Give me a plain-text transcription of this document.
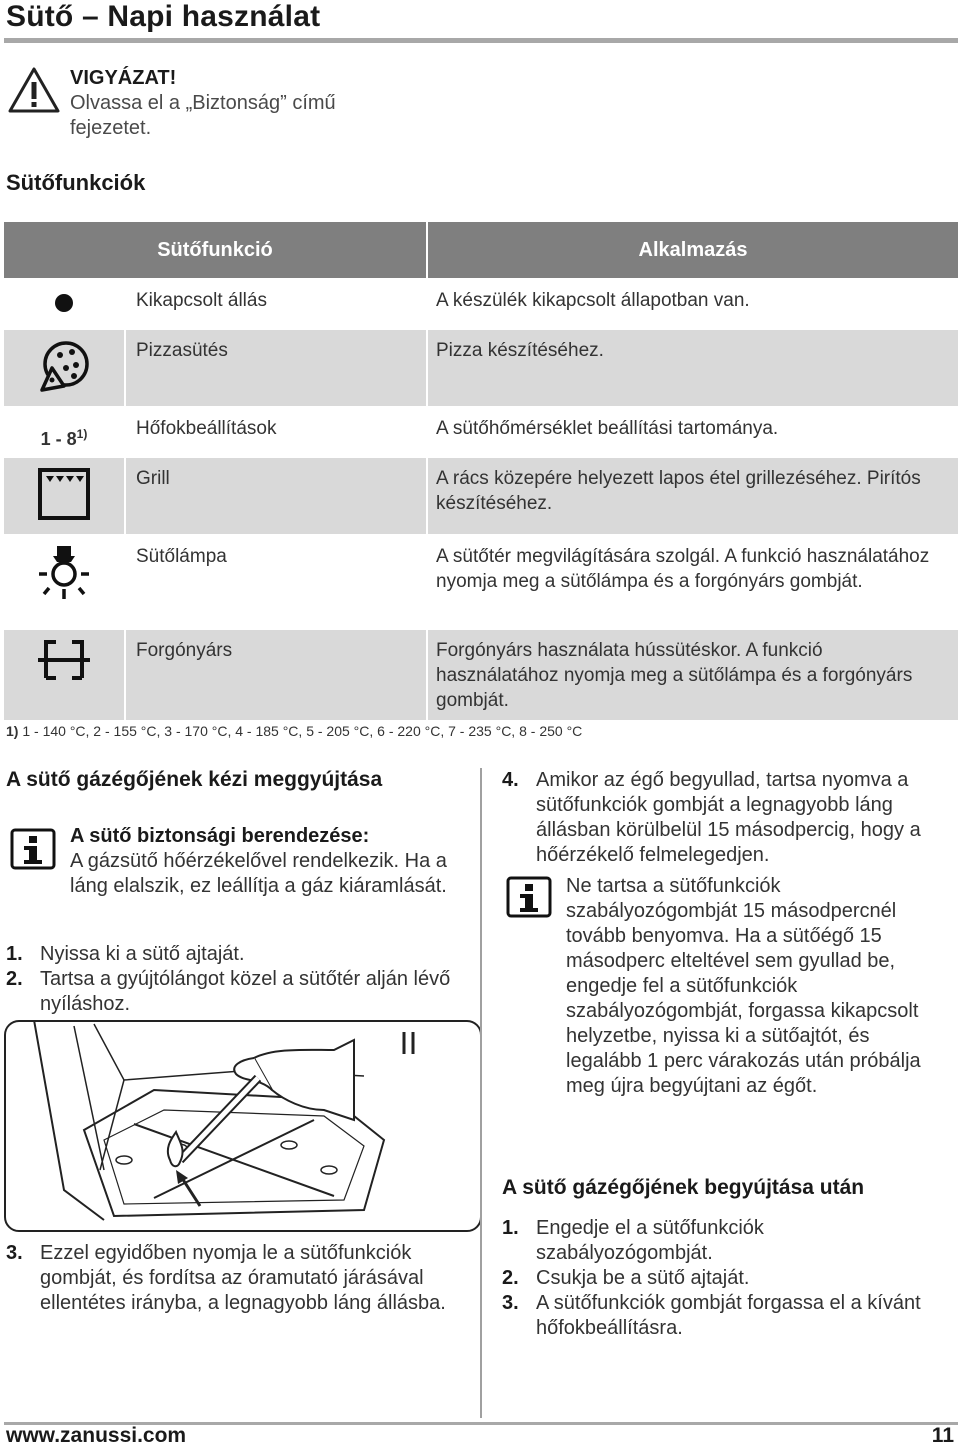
Sütő – Napi használat
VIGYÁZAT!
Olvassa el a „Biztonság” című fejezetet.
Sütőfunkciók
Sütőfunkció		Alkalmazás
	Kikapcsolt állás	A készülék kikapcsolt állapotban van.
	Pizzasütés	Pizza készítéséhez.

1 - 8$^{1)}$	Hőfokbeállítások	A sütőhőmérséklet beállítási tartománya.
	Grill	A rács közepére helyezett lapos étel grillezéséhez. Pirítós készítéséhez.
	Sütőlámpa	A sütőtér megvilágítására szolgál. A funkció használatához nyomja meg a sütőlámpa és a forgónyárs gombját.
	Forgónyárs	Forgónyárs használata hússütéskor. A funkció használatához nyomja meg a sütőlámpa és a forgónyárs gombját.
1) 1 - 140 °C, 2 - 155 °C, 3 - 170 °C, 4 - 185 °C, 5 - 205 °C, 6 - 220 °C, 7 - 235 °C, 8 - 250 °C
A sütő gázégőjének kézi meggyújtása
A sütő biztonsági berendezése:
A gázsütő hőérzékelővel rendelkezik. Ha a láng elalszik, ez leállítja a gáz kiáramlását.
1. Nyissa ki a sütő ajtaját.
2. Tartsa a gyújtólángot közel a sütőtér alján lévő nyíláshoz.
3. Ezzel egyidőben nyomja le a sütőfunkciók gombját, és fordítsa az óramutató járásával ellentétes irányba, a legnagyobb láng állásba.
4. Amikor az égő begyullad, tartsa nyomva a sütőfunkciók gombját a legnagyobb láng állásban körülbelül 15 másodpercig, hogy a hőérzékelő felmelegedjen.
Ne tartsa a sütőfunkciók szabályozógombját 15 másodpercnél tovább benyomva. Ha a sütőégő 15 másodperc elteltével sem gyullad be, engedje fel a sütőfunkciók szabályozógombját, forgassa kikapcsolt helyzetbe, nyissa ki a sütőajtót, és legalább 1 perc várakozás után próbálja meg újra begyújtani az égőt.
A sütő gázégőjének begyújtása után
1. Engedje el a sütőfunkciók szabályozógombját.
2. Csukja be a sütő ajtaját.
3. A sütőfunkciók gombját forgassa el a kívánt hőfokbeállításra.
www.zanussi.com	11
